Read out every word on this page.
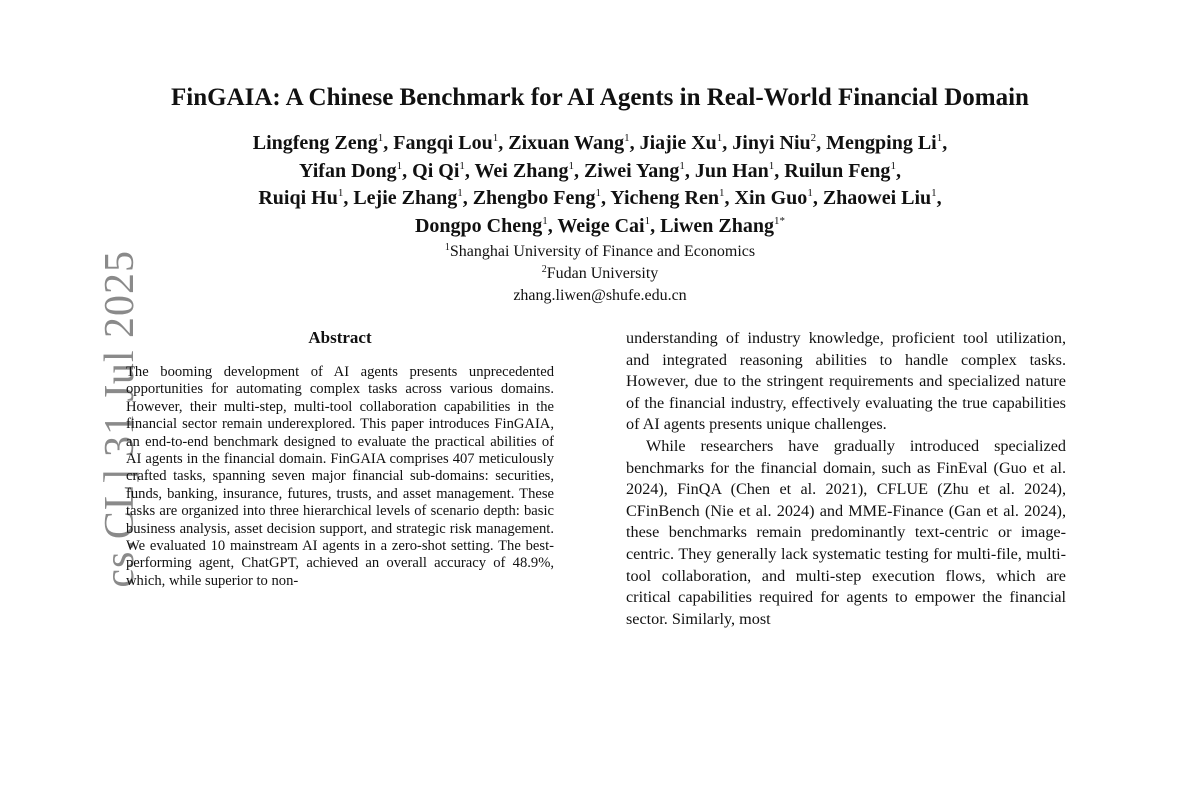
cs.CL] 31 Jul 2025
FinGAIA: A Chinese Benchmark for AI Agents in Real-World Financial Domain
Lingfeng Zeng$^1$, Fangqi Lou$^1$, Zixuan Wang$^1$, Jiajie Xu$^1$, Jinyi Niu$^2$, Mengping Li$^1$,
Yifan Dong$^1$, Qi Qi$^1$, Wei Zhang$^1$, Ziwei Yang$^1$, Jun Han$^1$, Ruilun Feng$^1$,
Ruiqi Hu$^1$, Lejie Zhang$^1$, Zhengbo Feng$^1$, Yicheng Ren$^1$, Xin Guo$^1$, Zhaowei Liu$^1$,
Dongpo Cheng$^1$, Weige Cai$^1$, Liwen Zhang$^{1*}$
$^1$Shanghai University of Finance and Economics
$^2$Fudan University
zhang.liwen@shufe.edu.cn
Abstract
The booming development of AI agents presents unprecedented opportunities for automating complex tasks across various domains. However, their multi-step, multi-tool collaboration capabilities in the financial sector remain underexplored. This paper introduces FinGAIA, an end-to-end benchmark designed to evaluate the practical abilities of AI agents in the financial domain. FinGAIA comprises 407 meticulously crafted tasks, spanning seven major financial sub-domains: securities, funds, banking, insurance, futures, trusts, and asset management. These tasks are organized into three hierarchical levels of scenario depth: basic business analysis, asset decision support, and strategic risk management. We evaluated 10 mainstream AI agents in a zero-shot setting. The best-performing agent, ChatGPT, achieved an overall accuracy of 48.9%, which, while superior to non-

understanding of industry knowledge, proficient tool utilization, and integrated reasoning abilities to handle complex tasks. However, due to the stringent requirements and specialized nature of the financial industry, effectively evaluating the true capabilities of AI agents presents unique challenges.

While researchers have gradually introduced specialized benchmarks for the financial domain, such as FinEval (Guo et al. 2024), FinQA (Chen et al. 2021), CFLUE (Zhu et al. 2024), CFinBench (Nie et al. 2024) and MME-Finance (Gan et al. 2024), these benchmarks remain predominantly text-centric or image-centric. They generally lack systematic testing for multi-file, multi-tool collaboration, and multi-step execution flows, which are critical capabilities required for agents to empower the financial sector. Similarly, most
